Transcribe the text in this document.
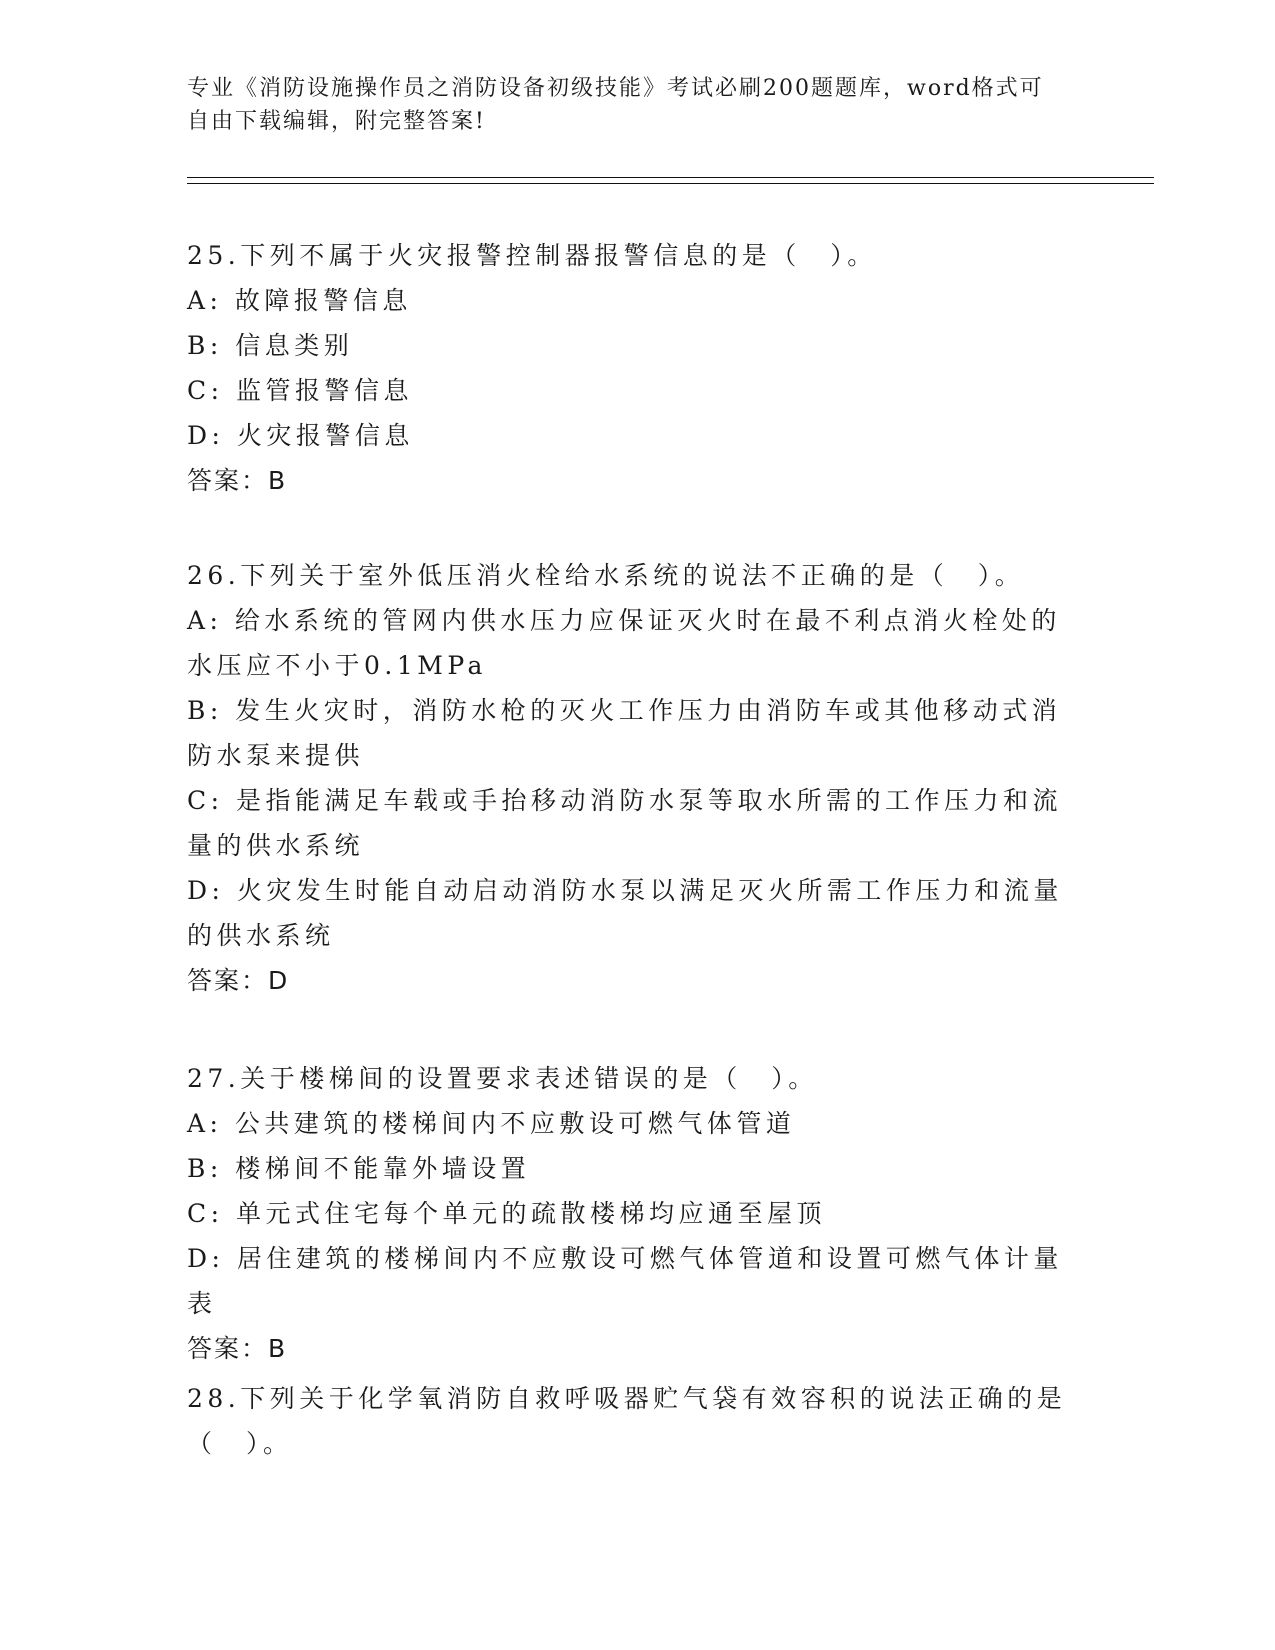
专业《消防设施操作员之消防设备初级技能》考试必刷200题题库，word格式可
自由下载编辑，附完整答案!

25.下列不属于火灾报警控制器报警信息的是（　）。

A: 故障报警信息

B: 信息类别

C: 监管报警信息

D: 火灾报警信息

答案：B

26.下列关于室外低压消火栓给水系统的说法不正确的是（　）。

A: 给水系统的管网内供水压力应保证灭火时在最不利点消火栓处的水压应不小于0.1MPa

B: 发生火灾时，消防水枪的灭火工作压力由消防车或其他移动式消防水泵来提供

C: 是指能满足车载或手抬移动消防水泵等取水所需的工作压力和流量的供水系统

D: 火灾发生时能自动启动消防水泵以满足灭火所需工作压力和流量的供水系统

答案：D

27.关于楼梯间的设置要求表述错误的是（　）。

A: 公共建筑的楼梯间内不应敷设可燃气体管道

B: 楼梯间不能靠外墙设置

C: 单元式住宅每个单元的疏散楼梯均应通至屋顶

D: 居住建筑的楼梯间内不应敷设可燃气体管道和设置可燃气体计量表

答案：B

28.下列关于化学氧消防自救呼吸器贮气袋有效容积的说法正确的是（　）。
